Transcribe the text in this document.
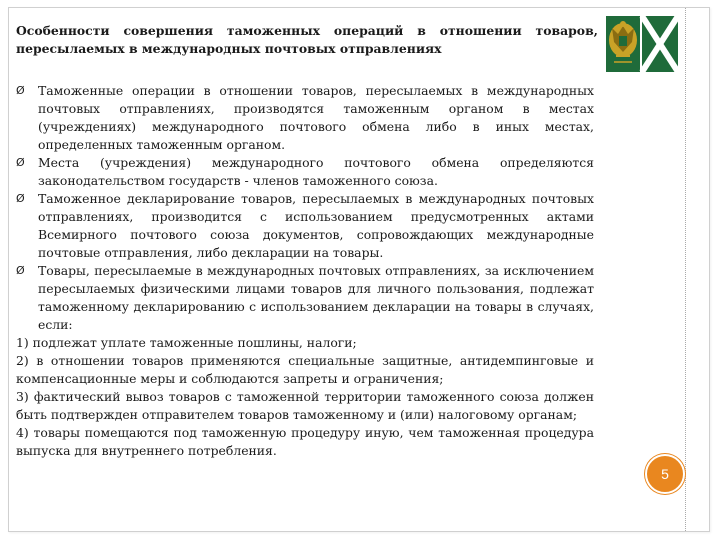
Особенности совершения таможенных операций в отношении товаров, пересылаемых в международных почтовых отправлениях

Ø	Таможенные операции в отношении товаров, пересылаемых в международных почтовых отправлениях, производятся таможенным органом в местах (учреждениях) международного почтового обмена либо в иных местах, определенных таможенным органом.

Ø	Места (учреждения) международного почтового обмена определяются законодательством государств - членов таможенного союза.

Ø	Таможенное декларирование товаров, пересылаемых в международных почтовых отправлениях, производится с использованием предусмотренных актами Всемирного почтового союза документов, сопровождающих международные почтовые отправления, либо декларации на товары.

Ø	Товары, пересылаемые в международных почтовых отправлениях, за исключением пересылаемых физическими лицами товаров для личного пользования, подлежат таможенному декларированию с использованием декларации на товары в случаях, если:

1) подлежат уплате таможенные пошлины, налоги;

2) в отношении товаров применяются специальные защитные, антидемпинговые и компенсационные меры и соблюдаются запреты и ограничения;

3) фактический вывоз товаров с таможенной территории таможенного союза должен быть подтвержден отправителем товаров таможенному и (или) налоговому органам;

4) товары помещаются под таможенную процедуру иную, чем таможенная процедура выпуска для внутреннего потребления.

5
